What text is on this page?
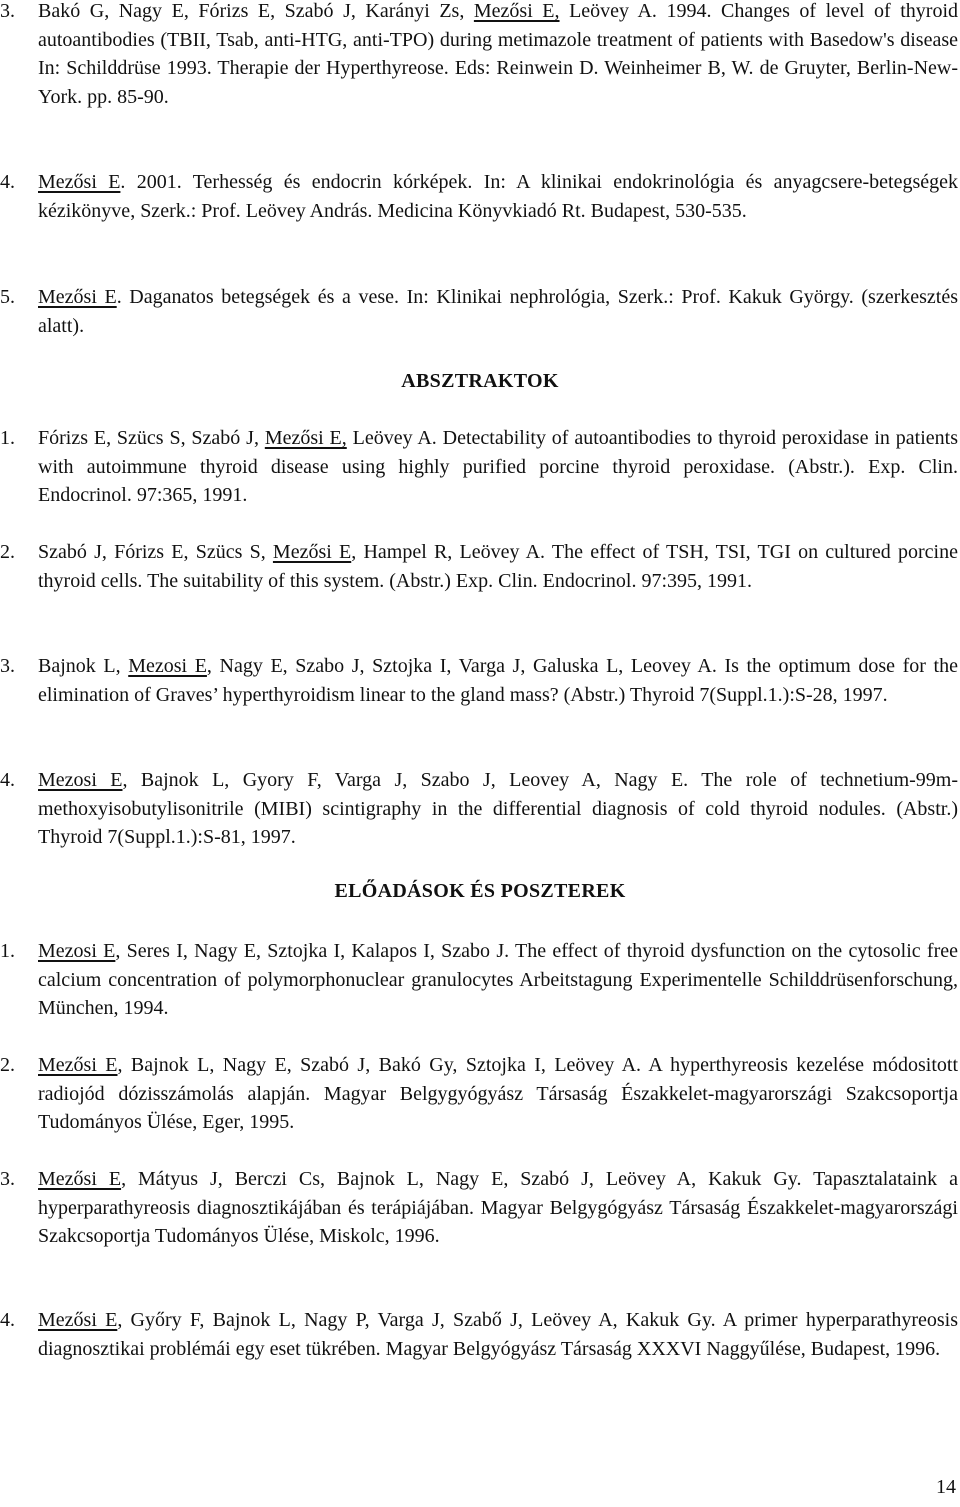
3. Bakó G, Nagy E, Fórizs E, Szabó J, Karányi Zs, Mezősi E, Leövey A. 1994. Changes of level of thyroid autoantibodies (TBII, Tsab, anti-HTG, anti-TPO) during metimazole treatment of patients with Basedow's disease In: Schilddrüse 1993. Therapie der Hyperthyreose. Eds: Reinwein D. Weinheimer B, W. de Gruyter, Berlin-New-York. pp. 85-90.
4. Mezősi E. 2001. Terhesség és endocrin kórképek. In: A klinikai endokrinológia és anyagcsere-betegségek kézikönyve, Szerk.: Prof. Leövey András. Medicina Könyvkiadó Rt. Budapest, 530-535.
5. Mezősi E. Daganatos betegségek és a vese. In: Klinikai nephrológia, Szerk.: Prof. Kakuk György. (szerkesztés alatt).
ABSZTRAKTOK
1. Fórizs E, Szücs S, Szabó J, Mezősi E, Leövey A. Detectability of autoantibodies to thyroid peroxidase in patients with autoimmune thyroid disease using highly purified porcine thyroid peroxidase. (Abstr.). Exp. Clin. Endocrinol. 97:365, 1991.
2. Szabó J, Fórizs E, Szücs S, Mezősi E, Hampel R, Leövey A. The effect of TSH, TSI, TGI on cultured porcine thyroid cells. The suitability of this system. (Abstr.) Exp. Clin. Endocrinol. 97:395, 1991.
3. Bajnok L, Mezosi E, Nagy E, Szabo J, Sztojka I, Varga J, Galuska L, Leovey A. Is the optimum dose for the elimination of Graves’ hyperthyroidism linear to the gland mass? (Abstr.) Thyroid 7(Suppl.1.):S-28, 1997.
4. Mezosi E, Bajnok L, Gyory F, Varga J, Szabo J, Leovey A, Nagy E. The role of technetium-99m-methoxyisobutylisonitrile (MIBI) scintigraphy in the differential diagnosis of cold thyroid nodules. (Abstr.) Thyroid 7(Suppl.1.):S-81, 1997.
ELŐADÁSOK ÉS POSZTEREK
1. Mezosi E, Seres I, Nagy E, Sztojka I, Kalapos I, Szabo J. The effect of thyroid dysfunction on the cytosolic free calcium concentration of polymorphonuclear granulocytes Arbeitstagung Experimentelle Schilddrüsenforschung, München, 1994.
2. Mezősi E, Bajnok L, Nagy E, Szabó J, Bakó Gy, Sztojka I, Leövey A. A hyperthyreosis kezelése módositott radiojód dózisszámolás alapján. Magyar Belgygyógyász Társaság Északkelet-magyarországi Szakcsoportja Tudományos Ülése, Eger, 1995.
3. Mezősi E, Mátyus J, Berczi Cs, Bajnok L, Nagy E, Szabó J, Leövey A, Kakuk Gy. Tapasztalataink a hyperparathyreosis diagnosztikájában és terápiájában. Magyar Belgygógyász Társaság Északkelet-magyarországi Szakcsoportja Tudományos Ülése, Miskolc, 1996.
4. Mezősi E, Győry F, Bajnok L, Nagy P, Varga J, Szabő J, Leövey A, Kakuk Gy. A primer hyperparathyreosis diagnosztikai problémái egy eset tükrében. Magyar Belgyógyász Társaság XXXVI Naggyűlése, Budapest, 1996.
14
